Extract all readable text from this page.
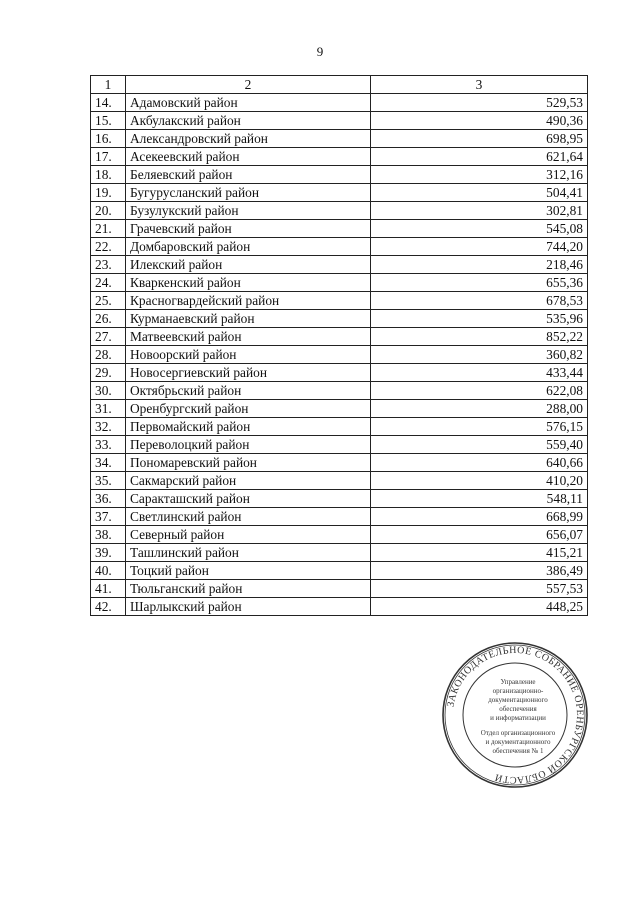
9
1	2	3
14.	Адамовский район	529,53
15.	Акбулакский район	490,36
16.	Александровский район	698,95
17.	Асекеевский район	621,64
18.	Беляевский район	312,16
19.	Бугурусланский район	504,41
20.	Бузулукский район	302,81
21.	Грачевский район	545,08
22.	Домбаровский район	744,20
23.	Илекский район	218,46
24.	Кваркенский район	655,36
25.	Красногвардейский район	678,53
26.	Курманаевский район	535,96
27.	Матвеевский район	852,22
28.	Новоорский район	360,82
29.	Новосергиевский район	433,44
30.	Октябрьский район	622,08
31.	Оренбургский район	288,00
32.	Первомайский район	576,15
33.	Переволоцкий район	559,40
34.	Пономаревский район	640,66
35.	Сакмарский район	410,20
36.	Саракташский район	548,11
37.	Светлинский район	668,99
38.	Северный район	656,07
39.	Ташлинский район	415,21
40.	Тоцкий район	386,49
41.	Тюльганский район	557,53
42.	Шарлыкский район	448,25
ЗАКОНОДАТЕЛЬНОЕ СОБРАНИЕ ОРЕНБУРГСКОЙ ОБЛАСТИ
Управление
организационно-
документационного
обеспечения
и информатизации
Отдел организационного
и документационного
обеспечения № 1
